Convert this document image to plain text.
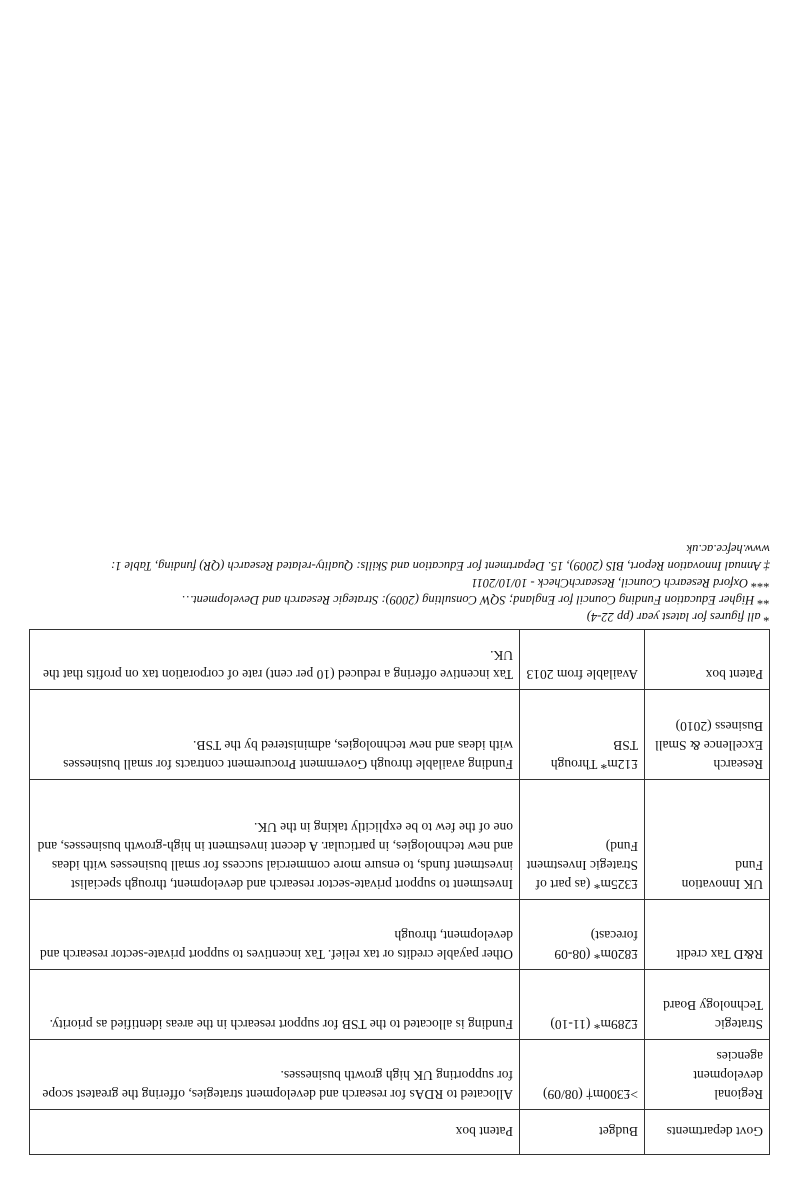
Govt departments	Budget	Patent box
Regional development agencies	>£300m† (08/09)	Allocated to RDAs for research and development strategies, offering the greatest scope for supporting UK high growth businesses.
Strategic Technology Board	£289m* (11-10)	Funding is allocated to the TSB for support research in the areas identified as priority.
R&D Tax credit	£820m* (08-09 forecast)	Other payable credits or tax relief. Tax incentives to support private-sector research and development, through
UK Innovation Fund	£325m* (as part of Strategic Investment Fund)	Investment to support private-sector research and development, through specialist investment funds, to ensure more commercial success for small businesses with ideas and new technologies, in particular. A decent investment in high-growth businesses, and one of the few to be explicitly taking in the UK.
Research Excellence & Small Business (2010)	£12m* Through TSB	Funding available through Government Procurement contracts for small businesses with ideas and new technologies, administered by the TSB.
Patent box	Available from 2013	Tax incentive offering a reduced (10 per cent) rate of corporation tax on profits that the UK.
* all figures for latest year (pp 22-4)
** Higher Education Funding Council for England; SQW Consulting (2009): Strategic Research and Development…
*** Oxford Research Council, ResearchCheck - 10/10/2011
‡ Annual Innovation Report, BIS (2009), 15. Department for Education and Skills: Quality-related Research (QR) funding, Table 1: www.hefce.ac.uk
